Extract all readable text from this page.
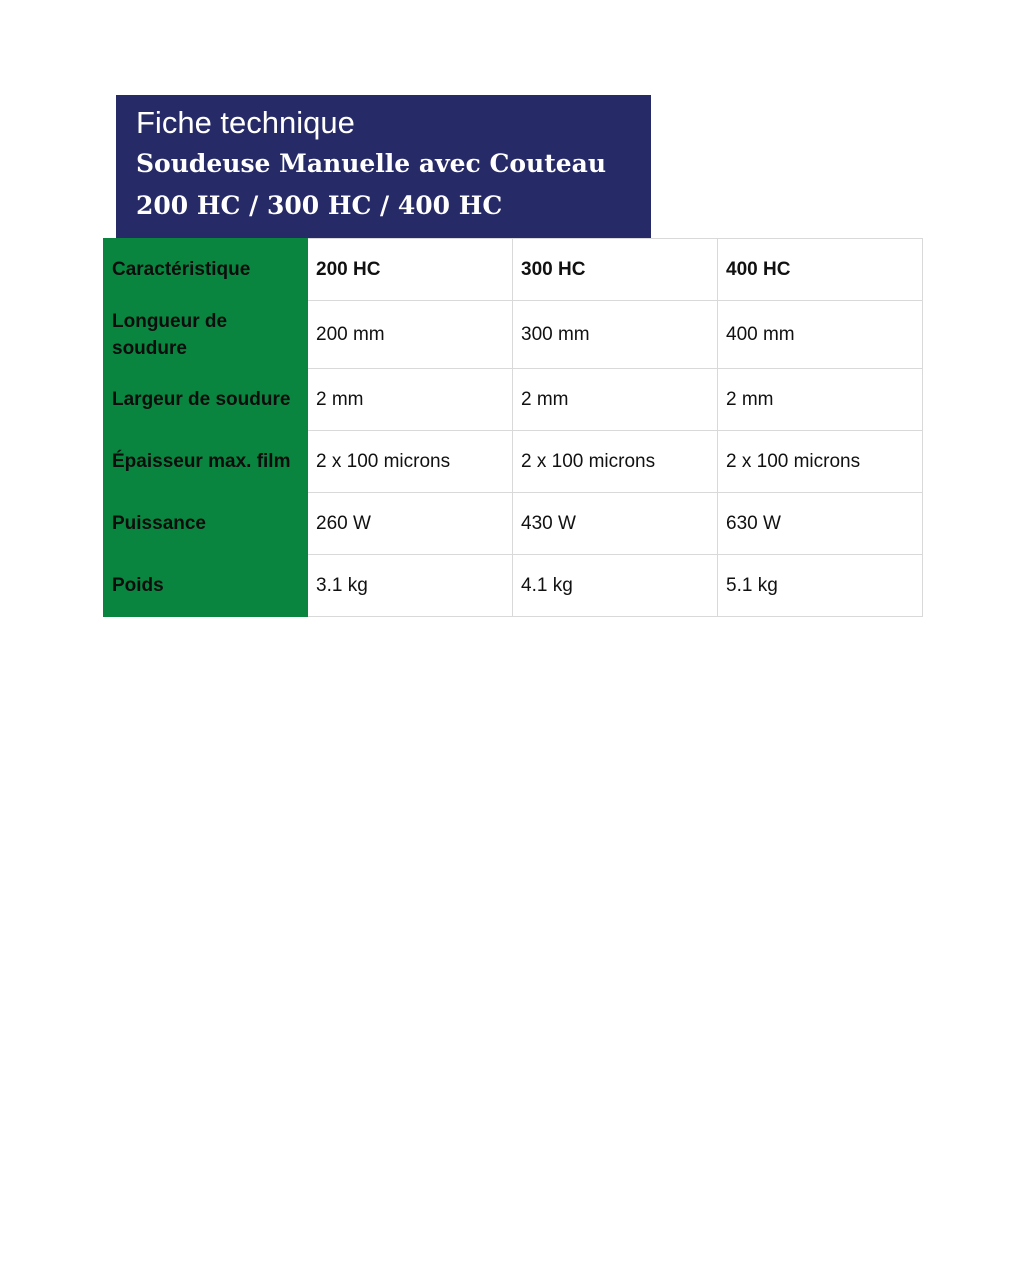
Fiche technique

Soudeuse Manuelle avec Couteau

200 HC / 300 HC / 400 HC

Caractéristique	200 HC	300 HC	400 HC
Longueur de soudure	200 mm	300 mm	400 mm
Largeur de soudure	2 mm	2 mm	2 mm
Épaisseur max. film	2 x 100 microns	2 x 100 microns	2 x 100 microns
Puissance	260 W	430 W	630 W
Poids	3.1 kg	4.1 kg	5.1 kg
